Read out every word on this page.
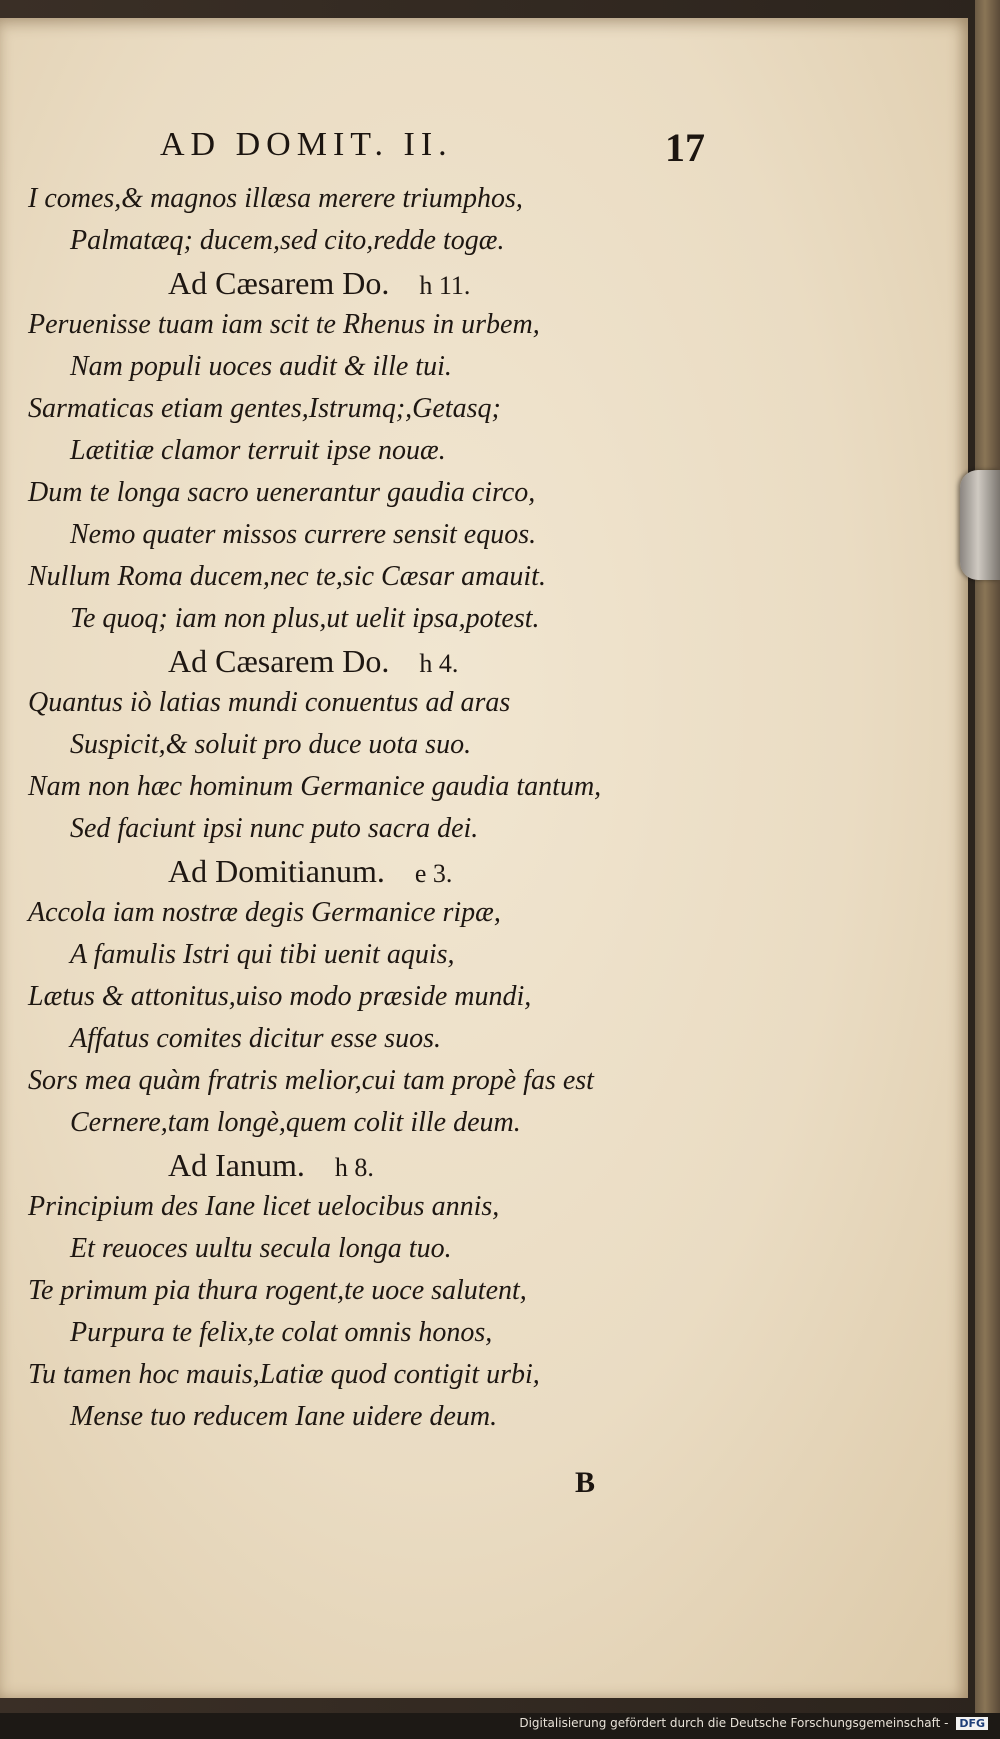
AD DOMIT. II.	17
I comes,& magnos illæsa merere triumphos,
Palmatæq; ducem,sed cito,redde togæ.
Ad Cæsarem Do. h 11.
Peruenisse tuam iam scit te Rhenus in urbem,
Nam populi uoces audit & ille tui.
Sarmaticas etiam gentes,Istrumq;,Getasq;
Lætitiæ clamor terruit ipse nouæ.
Dum te longa sacro uenerantur gaudia circo,
Nemo quater missos currere sensit equos.
Nullum Roma ducem,nec te,sic Cæsar amauit.
Te quoq; iam non plus,ut uelit ipsa,potest.
Ad Cæsarem Do. h 4.
Quantus iò latias mundi conuentus ad aras
Suspicit,& soluit pro duce uota suo.
Nam non hæc hominum Germanice gaudia tantum,
Sed faciunt ipsi nunc puto sacra dei.
Ad Domitianum. e 3.
Accola iam nostræ degis Germanice ripæ,
A famulis Istri qui tibi uenit aquis,
Lætus & attonitus,uiso modo præside mundi,
Affatus comites dicitur esse suos.
Sors mea quàm fratris melior,cui tam propè fas est
Cernere,tam longè,quem colit ille deum.
Ad Ianum. h 8.
Principium des Iane licet uelocibus annis,
Et reuoces uultu secula longa tuo.
Te primum pia thura rogent,te uoce salutent,
Purpura te felix,te colat omnis honos,
Tu tamen hoc mauis,Latiæ quod contigit urbi,
Mense tuo reducem Iane uidere deum.
B
Digitalisierung gefördert durch die Deutsche Forschungsgemeinschaft - DFG
